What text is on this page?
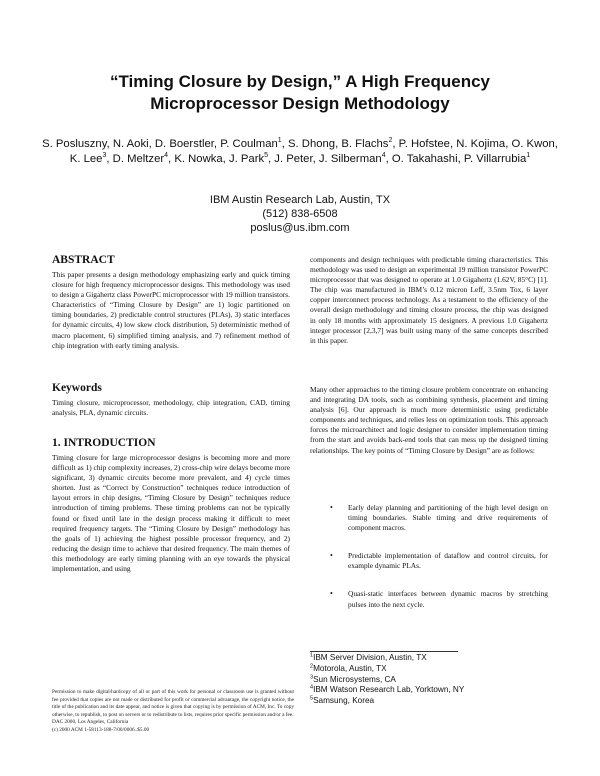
“Timing Closure by Design,” A High Frequency
Microprocessor Design Methodology
S. Posluszny, N. Aoki, D. Boerstler, P. Coulman$^1$, S. Dhong, B. Flachs$^2$, P. Hofstee, N. Kojima, O. Kwon, K. Lee$^3$, D. Meltzer$^4$, K. Nowka, J. Park$^5$, J. Peter, J. Silberman$^4$, O. Takahashi, P. Villarrubia$^1$
IBM Austin Research Lab, Austin, TX
(512) 838-6508
poslus@us.ibm.com
ABSTRACT

This paper presents a design methodology emphasizing early and quick timing closure for high frequency microprocessor designs. This methodology was used to design a Gigahertz class PowerPC microprocessor with 19 million transistors. Characteristics of “Timing Closure by Design” are 1) logic partitioned on timing boundaries, 2) predictable control structures (PLAs), 3) static interfaces for dynamic circuits, 4) low skew clock distribution, 5) deterministic method of macro placement, 6) simplified timing analysis, and 7) refinement method of chip integration with early timing analysis.

Keywords

Timing closure, microprocessor, methodology, chip integration, CAD, timing analysis, PLA, dynamic circuits.

1. INTRODUCTION

Timing closure for large microprocessor designs is becoming more and more difficult as 1) chip complexity increases, 2) cross-chip wire delays become more significant, 3) dynamic circuits become more prevalent, and 4) cycle times shorten. Just as “Correct by Construction” techniques reduce introduction of layout errors in chip designs, “Timing Closure by Design” techniques reduce introduction of timing problems. These timing problems can not be typically found or fixed until late in the design process making it difficult to meet required frequency targets. The “Timing Closure by Design” methodology has the goals of 1) achieving the highest possible processor frequency, and 2) reducing the design time to achieve that desired frequency. The main themes of this methodology are early timing planning with an eye towards the physical implementation, and using

components and design techniques with predictable timing characteristics. This methodology was used to design an experimental 19 million transistor PowerPC microprocessor that was designed to operate at 1.0 Gigahertz (1.62V, 85°C) [1]. The chip was manufactured in IBM’s 0.12 micron Leff, 3.5nm Tox, 6 layer copper interconnect process technology. As a testament to the efficiency of the overall design methodology and timing closure process, the chip was designed in only 18 months with approximately 15 designers. A previous 1.0 Gigahertz integer processor [2,3,7] was built using many of the same concepts described in this paper.

Many other approaches to the timing closure problem concentrate on enhancing and integrating DA tools, such as combining synthesis, placement and timing analysis [6]. Our approach is much more deterministic using predictable components and techniques, and relies less on optimization tools. This approach forces the microarchitect and logic designer to consider implementation timing from the start and avoids back-end tools that can mess up the designed timing relationships. The key points of “Timing Closure by Design” are as follows:

• Early delay planning and partitioning of the high level design on timing boundaries. Stable timing and drive requirements of component macros.
• Predictable implementation of dataflow and control circuits, for example dynamic PLAs.
• Quasi-static interfaces between dynamic macros by stretching pulses into the next cycle.
$^1$IBM Server Division, Austin, TX
$^2$Motorola, Austin, TX
$^3$Sun Microsystems, CA
$^4$IBM Watson Research Lab, Yorktown, NY
$^5$Samsung, Korea
Permission to make digital/hardcopy of all or part of this work for personal or classroom use is granted without fee provided that copies are not made or distributed for profit or commercial advantage, the copyright notice, the title of the publication and its date appear, and notice is given that copying is by permission of ACM, Inc. To copy otherwise, to republish, to post on servers or to redistribute to lists, requires prior specific permission and/or a fee.
DAC 2000, Los Angeles, California
(c) 2000 ACM 1-58113-188-7/00/0006..$5.00
